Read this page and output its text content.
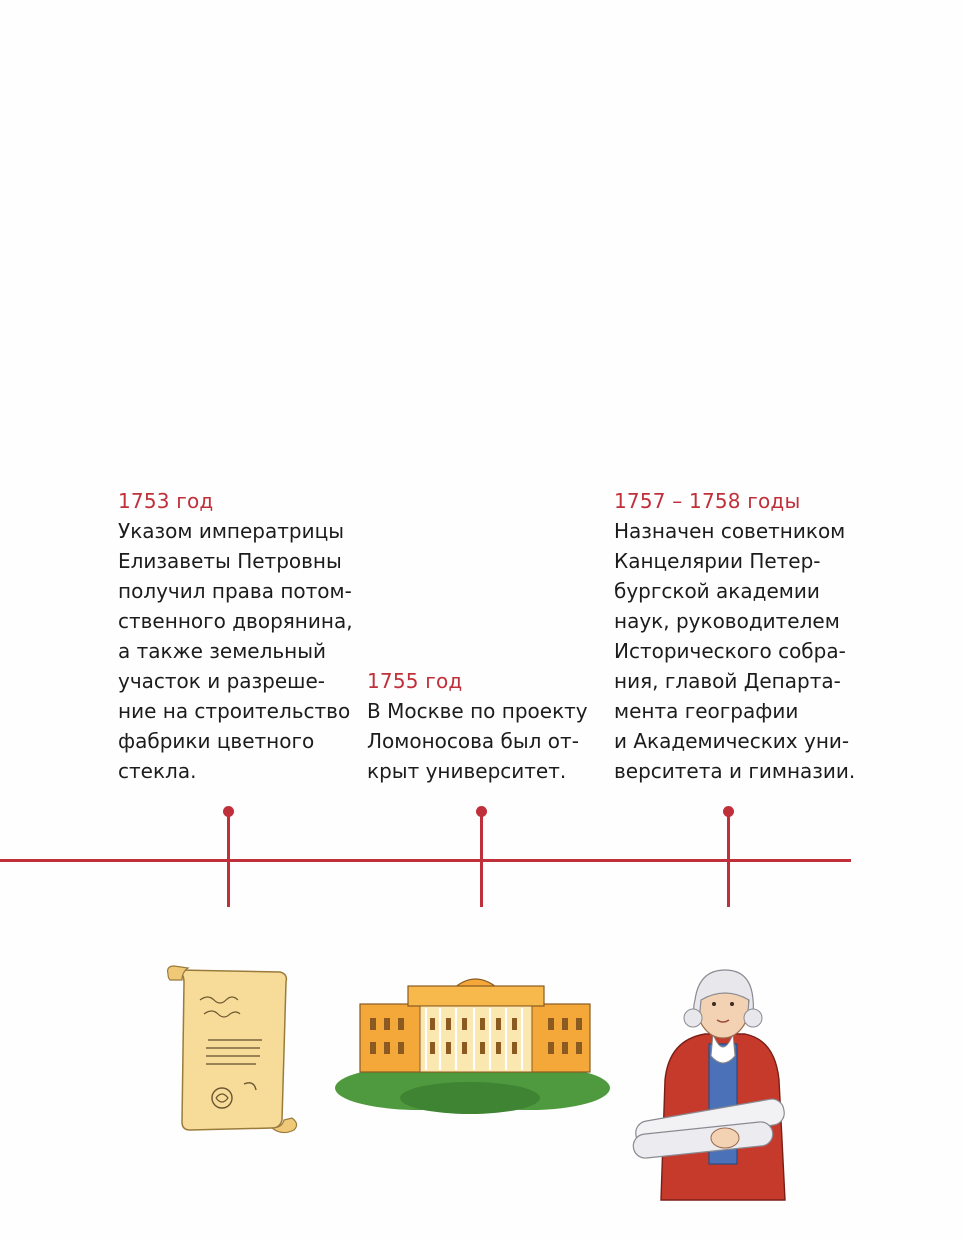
1753 год
Указом императрицы
Елизаветы Петровны
получил права потом-
ственного дворянина,
а также земельный
участок и разреше-
ние на строительство
фабрики цветного
стекла.
1755 год
В Москве по проекту
Ломоносова был от-
крыт университет.
1757 – 1758 годы
Назначен советником
Канцелярии Петер-
бургской академии
наук, руководителем
Исторического собра-
ния, главой Департа-
мента географии
и Академических уни-
верситета и гимназии.
